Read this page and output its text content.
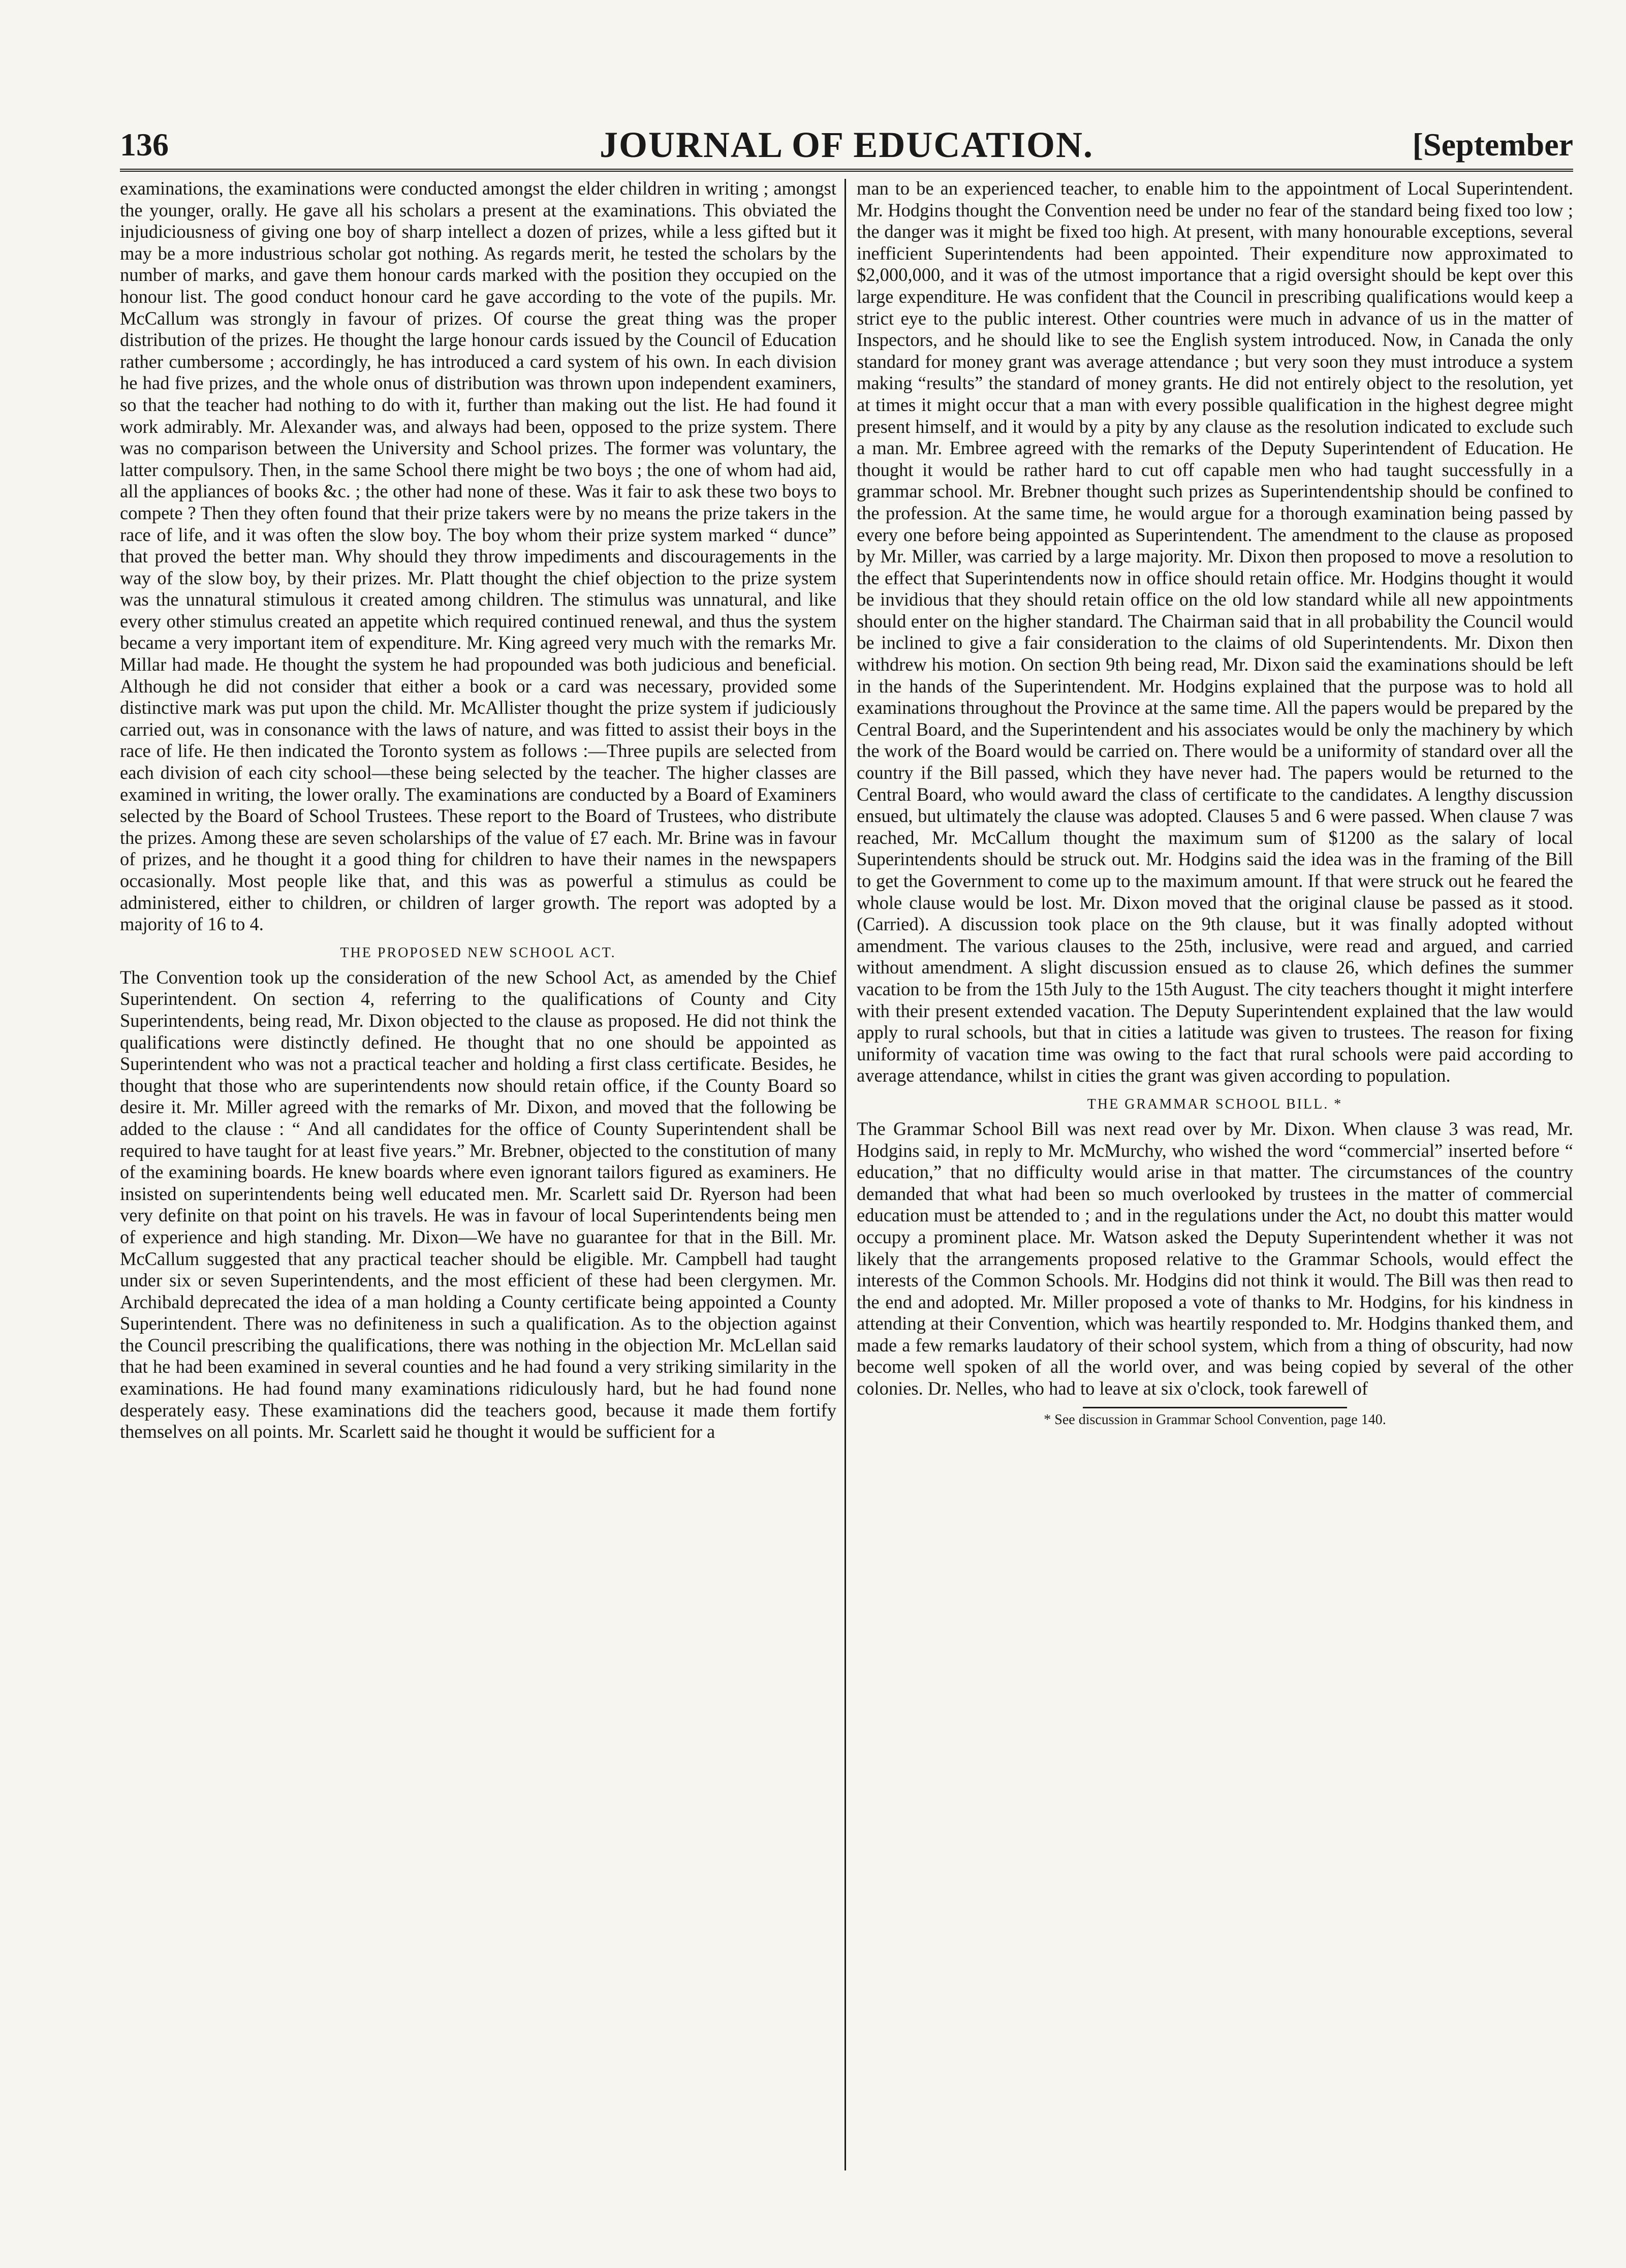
136	JOURNAL OF EDUCATION.	[September

examinations, the examinations were conducted amongst the elder children in writing ; amongst the younger, orally. He gave all his scholars a present at the examinations. This obviated the injudiciousness of giving one boy of sharp intellect a dozen of prizes, while a less gifted but it may be a more industrious scholar got nothing. As regards merit, he tested the scholars by the number of marks, and gave them honour cards marked with the position they occupied on the honour list. The good conduct honour card he gave according to the vote of the pupils. Mr. McCallum was strongly in favour of prizes. Of course the great thing was the proper distribution of the prizes. He thought the large honour cards issued by the Council of Education rather cumbersome ; accordingly, he has introduced a card system of his own. In each division he had five prizes, and the whole onus of distribution was thrown upon independent examiners, so that the teacher had nothing to do with it, further than making out the list. He had found it work admirably. Mr. Alexander was, and always had been, opposed to the prize system. There was no comparison between the University and School prizes. The former was voluntary, the latter compulsory. Then, in the same School there might be two boys ; the one of whom had aid, all the appliances of books &c. ; the other had none of these. Was it fair to ask these two boys to compete ? Then they often found that their prize takers were by no means the prize takers in the race of life, and it was often the slow boy. The boy whom their prize system marked “ dunce” that proved the better man. Why should they throw impediments and discouragements in the way of the slow boy, by their prizes. Mr. Platt thought the chief objection to the prize system was the unnatural stimulous it created among children. The stimulus was unnatural, and like every other stimulus created an appetite which required continued renewal, and thus the system became a very important item of expenditure. Mr. King agreed very much with the remarks Mr. Millar had made. He thought the system he had propounded was both judicious and beneficial. Although he did not consider that either a book or a card was necessary, provided some distinctive mark was put upon the child. Mr. McAllister thought the prize system if judiciously carried out, was in consonance with the laws of nature, and was fitted to assist their boys in the race of life. He then indicated the Toronto system as follows :—Three pupils are selected from each division of each city school—these being selected by the teacher. The higher classes are examined in writing, the lower orally. The examinations are conducted by a Board of Examiners selected by the Board of School Trustees. These report to the Board of Trustees, who distribute the prizes. Among these are seven scholarships of the value of £7 each. Mr. Brine was in favour of prizes, and he thought it a good thing for children to have their names in the newspapers occasionally. Most people like that, and this was as powerful a stimulus as could be administered, either to children, or children of larger growth. The report was adopted by a majority of 16 to 4.

THE PROPOSED NEW SCHOOL ACT.

The Convention took up the consideration of the new School Act, as amended by the Chief Superintendent. On section 4, referring to the qualifications of County and City Superintendents, being read, Mr. Dixon objected to the clause as proposed. He did not think the qualifications were distinctly defined. He thought that no one should be appointed as Superintendent who was not a practical teacher and holding a first class certificate. Besides, he thought that those who are superintendents now should retain office, if the County Board so desire it. Mr. Miller agreed with the remarks of Mr. Dixon, and moved that the following be added to the clause : “ And all candidates for the office of County Superintendent shall be required to have taught for at least five years.” Mr. Brebner, objected to the constitution of many of the examining boards. He knew boards where even ignorant tailors figured as examiners. He insisted on superintendents being well educated men. Mr. Scarlett said Dr. Ryerson had been very definite on that point on his travels. He was in favour of local Superintendents being men of experience and high standing. Mr. Dixon—We have no guarantee for that in the Bill. Mr. McCallum suggested that any practical teacher should be eligible. Mr. Campbell had taught under six or seven Superintendents, and the most efficient of these had been clergymen. Mr. Archibald deprecated the idea of a man holding a County certificate being appointed a County Superintendent. There was no definiteness in such a qualification. As to the objection against the Council prescribing the qualifications, there was nothing in the objection Mr. McLellan said that he had been examined in several counties and he had found a very striking similarity in the examinations. He had found many examinations ridiculously hard, but he had found none desperately easy. These examinations did the teachers good, because it made them fortify themselves on all points. Mr. Scarlett said he thought it would be sufficient for a

man to be an experienced teacher, to enable him to the appointment of Local Superintendent. Mr. Hodgins thought the Convention need be under no fear of the standard being fixed too low ; the danger was it might be fixed too high. At present, with many honourable exceptions, several inefficient Superintendents had been appointed. Their expenditure now approximated to $2,000,000, and it was of the utmost importance that a rigid oversight should be kept over this large expenditure. He was confident that the Council in prescribing qualifications would keep a strict eye to the public interest. Other countries were much in advance of us in the matter of Inspectors, and he should like to see the English system introduced. Now, in Canada the only standard for money grant was average attendance ; but very soon they must introduce a system making “results” the standard of money grants. He did not entirely object to the resolution, yet at times it might occur that a man with every possible qualification in the highest degree might present himself, and it would by a pity by any clause as the resolution indicated to exclude such a man. Mr. Embree agreed with the remarks of the Deputy Superintendent of Education. He thought it would be rather hard to cut off capable men who had taught successfully in a grammar school. Mr. Brebner thought such prizes as Superintendentship should be confined to the profession. At the same time, he would argue for a thorough examination being passed by every one before being appointed as Superintendent. The amendment to the clause as proposed by Mr. Miller, was carried by a large majority. Mr. Dixon then proposed to move a resolution to the effect that Superintendents now in office should retain office. Mr. Hodgins thought it would be invidious that they should retain office on the old low standard while all new appointments should enter on the higher standard. The Chairman said that in all probability the Council would be inclined to give a fair consideration to the claims of old Superintendents. Mr. Dixon then withdrew his motion. On section 9th being read, Mr. Dixon said the examinations should be left in the hands of the Superintendent. Mr. Hodgins explained that the purpose was to hold all examinations throughout the Province at the same time. All the papers would be prepared by the Central Board, and the Superintendent and his associates would be only the machinery by which the work of the Board would be carried on. There would be a uniformity of standard over all the country if the Bill passed, which they have never had. The papers would be returned to the Central Board, who would award the class of certificate to the candidates. A lengthy discussion ensued, but ultimately the clause was adopted. Clauses 5 and 6 were passed. When clause 7 was reached, Mr. McCallum thought the maximum sum of $1200 as the salary of local Superintendents should be struck out. Mr. Hodgins said the idea was in the framing of the Bill to get the Government to come up to the maximum amount. If that were struck out he feared the whole clause would be lost. Mr. Dixon moved that the original clause be passed as it stood. (Carried). A discussion took place on the 9th clause, but it was finally adopted without amendment. The various clauses to the 25th, inclusive, were read and argued, and carried without amendment. A slight discussion ensued as to clause 26, which defines the summer vacation to be from the 15th July to the 15th August. The city teachers thought it might interfere with their present extended vacation. The Deputy Superintendent explained that the law would apply to rural schools, but that in cities a latitude was given to trustees. The reason for fixing uniformity of vacation time was owing to the fact that rural schools were paid according to average attendance, whilst in cities the grant was given according to population.

THE GRAMMAR SCHOOL BILL. *

The Grammar School Bill was next read over by Mr. Dixon. When clause 3 was read, Mr. Hodgins said, in reply to Mr. McMurchy, who wished the word “commercial” inserted before “ education,” that no difficulty would arise in that matter. The circumstances of the country demanded that what had been so much overlooked by trustees in the matter of commercial education must be attended to ; and in the regulations under the Act, no doubt this matter would occupy a prominent place. Mr. Watson asked the Deputy Superintendent whether it was not likely that the arrangements proposed relative to the Grammar Schools, would effect the interests of the Common Schools. Mr. Hodgins did not think it would. The Bill was then read to the end and adopted. Mr. Miller proposed a vote of thanks to Mr. Hodgins, for his kindness in attending at their Convention, which was heartily responded to. Mr. Hodgins thanked them, and made a few remarks laudatory of their school system, which from a thing of obscurity, had now become well spoken of all the world over, and was being copied by several of the other colonies. Dr. Nelles, who had to leave at six o'clock, took farewell of

* See discussion in Grammar School Convention, page 140.
